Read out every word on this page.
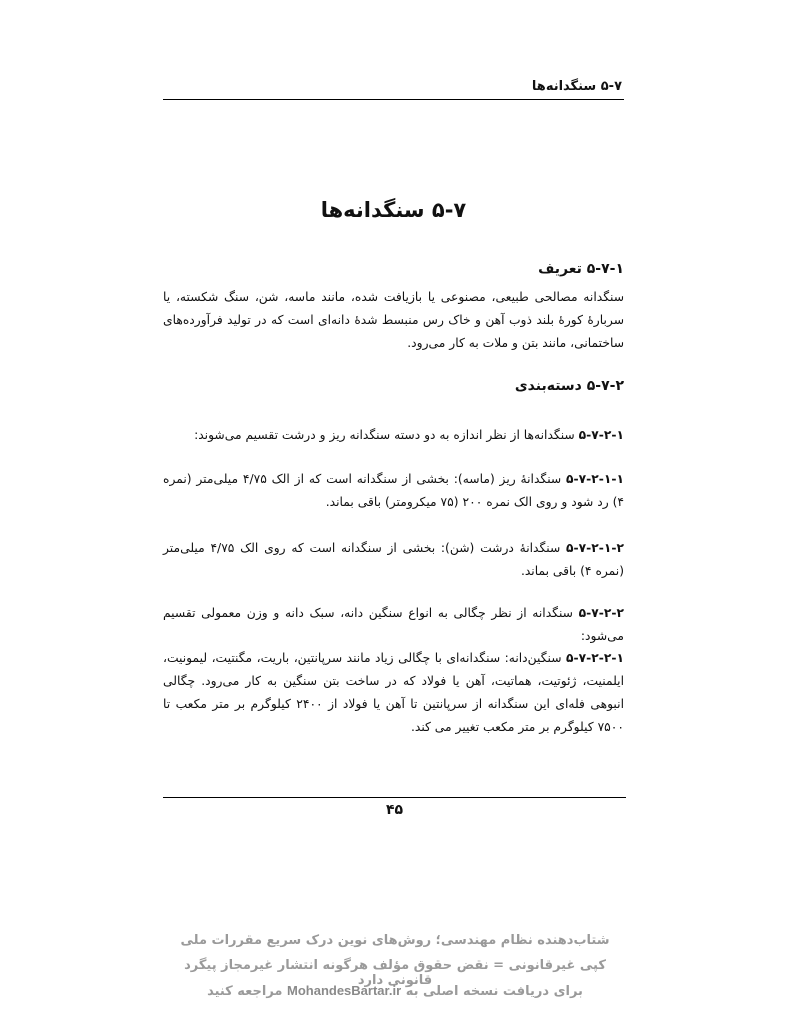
۵-۷ سنگدانه‌ها
۵-۷ سنگدانه‌ها
۵-۷-۱ تعریف

سنگدانه مصالحی طبیعی، مصنوعی یا بازیافت شده، مانند ماسه، شن، سنگ شکسته، یا سربارهٔ کورهٔ بلند ذوب آهن و خاک رس منبسط شدهٔ دانه‌ای است که در تولید فرآورده‌های ساختمانی، مانند بتن و ملات به کار می‌رود.

۵-۷-۲ دسته‌بندی

۵-۷-۲-۱ سنگدانه‌ها از نظر اندازه به دو دسته سنگدانه ریز و درشت تقسیم می‌شوند:

۵-۷-۲-۱-۱ سنگدانهٔ ریز (ماسه): بخشی از سنگدانه است که از الک ۴/۷۵ میلی‌متر (نمره ۴) رد شود و روی الک نمره ۲۰۰ (۷۵ میکرومتر) باقی بماند.

۵-۷-۲-۱-۲ سنگدانهٔ درشت (شن): بخشی از سنگدانه است که روی الک ۴/۷۵ میلی‌متر (نمره ۴) باقی بماند.

۵-۷-۲-۲ سنگدانه از نظر چگالی به انواع سنگین دانه، سبک دانه و وزن معمولی تقسیم می‌شود:

۵-۷-۲-۲-۱ سنگین‌دانه: سنگدانه‌ای با چگالی زیاد مانند سرپانتین، باریت، مگنتیت، لیمونیت، ایلمنیت، ژئوتیت، هماتیت، آهن یا فولاد که در ساخت بتن سنگین به کار می‌رود. چگالی انبوهی فله‌ای این سنگدانه از سرپانتین تا آهن یا فولاد از ۲۴۰۰ کیلوگرم بر متر مکعب تا ۷۵۰۰ کیلوگرم بر متر مکعب تغییر می کند.

۴۵
شتاب‌دهنده نظام مهندسی؛ روش‌های نوین درک سریع مقررات ملی
کپی غیرقانونی = نقض حقوق مؤلف هرگونه انتشار غیرمجاز پیگرد قانونی دارد
برای دریافت نسخه اصلی به MohandesBartar.ir مراجعه کنید
